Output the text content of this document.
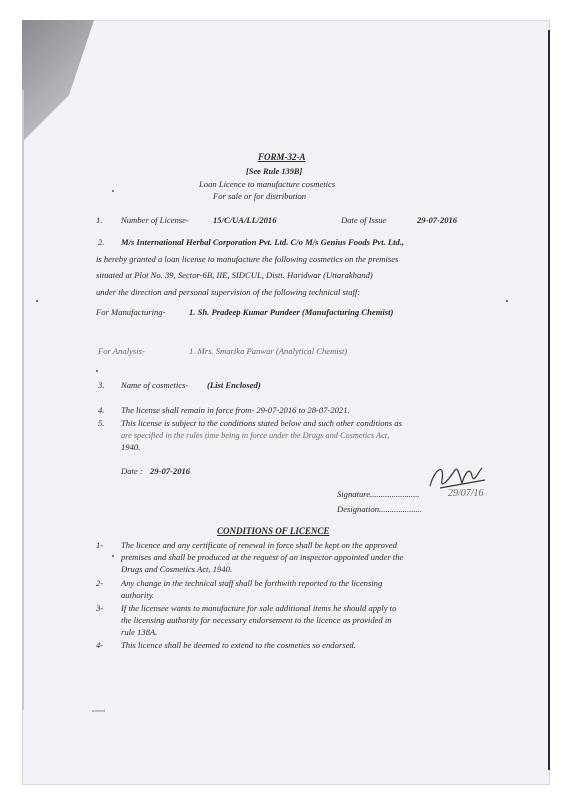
FORM-32-A
[See Rule 139B]
Loan Licence to manufacture cosmetics
For sale or for distribution
1. Number of License-	15/C/UA/LL/2016	Date of Issue	29-07-2016
2. M/s International Herbal Corporation Pvt. Ltd. C/o M/s Genius Foods Pvt. Ltd.,
is hereby granted a loan license to manufacture the following cosmetics on the premises
situated at Plot No. 39, Sector-6B, IIE, SIDCUL, Distt. Haridwar (Uttarakhand)
under the direction and personal supervision of the following technical staff:
For Manufacturing-	1. Sh. Pradeep Kumar Pundeer (Manufacturing Chemist)
For Analysis-	1. Mrs. Smarika Panwar (Analytical Chemist)
3. Name of cosmetics- (List Enclosed)
4. The license shall remain in force from- 29-07-2016 to 28-07-2021.
5. This license is subject to the conditions stated below and such other conditions as
are specified in the rules time being in force under the Drugs and Cosmetics Act,
1940.
Date : 29-07-2016
29/07/16
Signature.......................
Designation....................
CONDITIONS OF LICENCE
1- The licence and any certificate of renewal in force shall be kept on the approved
premises and shall be produced at the request of an inspector appointed under the
Drugs and Cosmetics Act, 1940.
2- Any change in the technical staff shall be forthwith reported to the licensing
authority.
3- If the licensee wants to manufacture for sale additional items he should apply to
the licensing authority for necessary endorsement to the licence as provided in
rule 138A.
4- This licence shall be deemed to extend to the cosmetics so endorsed.
scanned
